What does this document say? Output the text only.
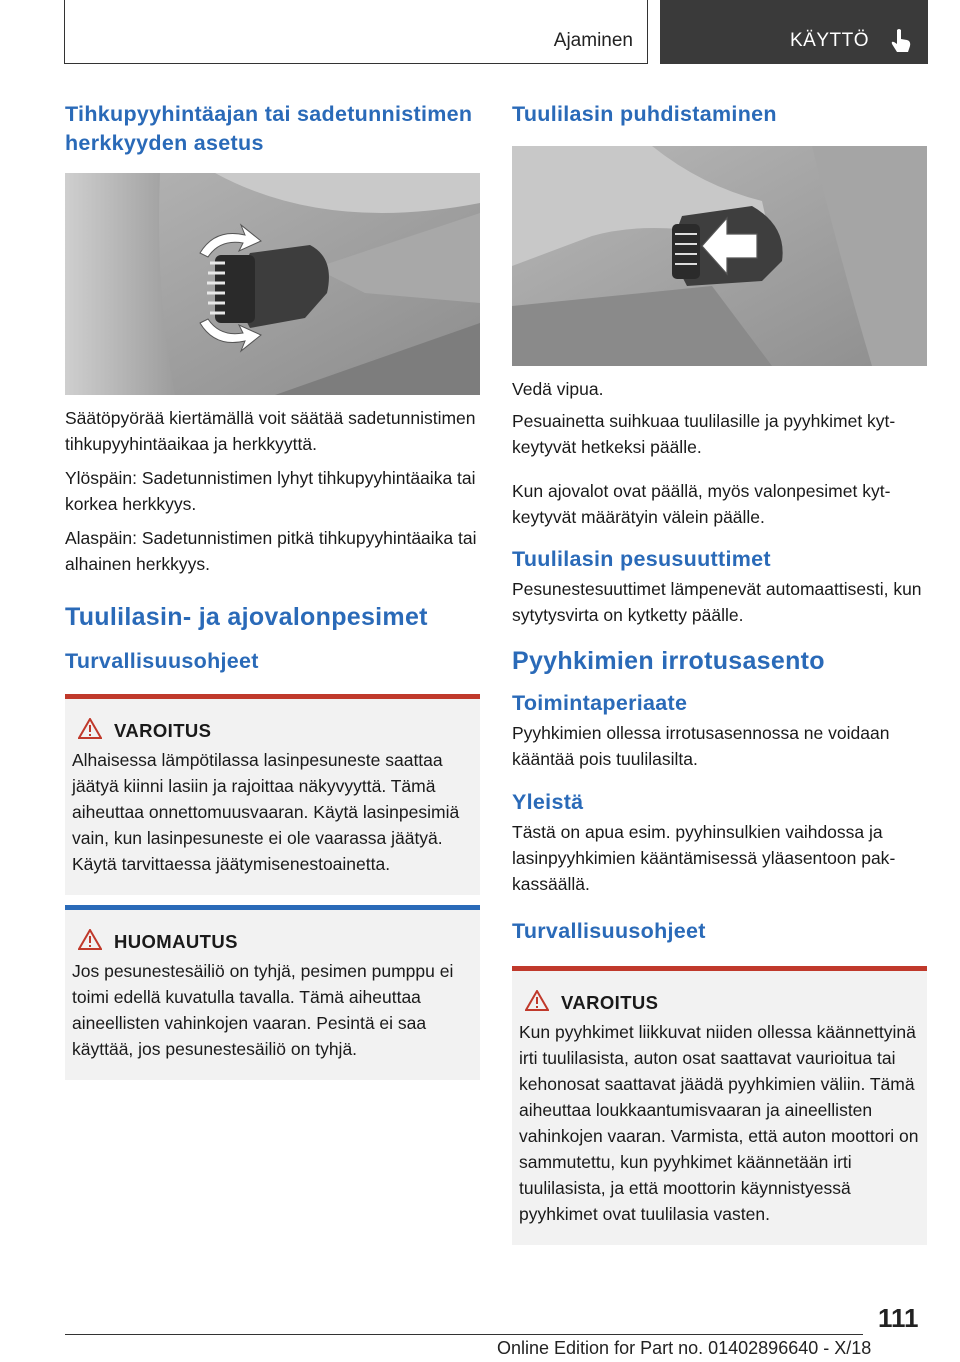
Ajaminen	KÄYTTÖ
Tihkupyyhintäajan tai sadetunnistimen herkkyyden asetus

Säätöpyörää kiertämällä voit säätää sadetunnistimen tihkupyyhintäaikaa ja herkkyyttä.

Ylöspäin: Sadetunnistimen lyhyt tihkupyyhintäaika tai korkea herkkyys.

Alaspäin: Sadetunnistimen pitkä tihkupyyhintäaika tai alhainen herkkyys.

Tuulilasin- ja ajovalonpesimet
Turvallisuusohjeet
VAROITUS
Alhaisessa lämpötilassa lasinpesuneste saattaa jäätyä kiinni lasiin ja rajoittaa näkyvyyttä. Tämä aiheuttaa onnettomuusvaaran. Käytä lasinpesimiä vain, kun lasinpesuneste ei ole vaarassa jäätyä. Käytä tarvittaessa jäätymisenestoainetta.
HUOMAUTUS
Jos pesunestesäiliö on tyhjä, pesimen pumppu ei toimi edellä kuvatulla tavalla. Tämä aiheuttaa aineellisten vahinkojen vaaran. Pesintä ei saa käyttää, jos pesunestesäiliö on tyhjä.
Tuulilasin puhdistaminen

Vedä vipua.

Pesuainetta suihkuaa tuulilasille ja pyyhkimet kytkeytyvät hetkeksi päälle.

Kun ajovalot ovat päällä, myös valonpesimet kytkeytyvät määrätyin välein päälle.

Tuulilasin pesusuuttimet

Pesunestesuuttimet lämpenevät automaattisesti, kun sytytysvirta on kytketty päälle.

Pyyhkimien irrotusasento
Toimintaperiaate

Pyyhkimien ollessa irrotusasennossa ne voidaan kääntää pois tuulilasilta.

Yleistä

Tästä on apua esim. pyyhinsulkien vaihdossa ja lasinpyyhkimien kääntämisessä yläasentoon pakkassäällä.

Turvallisuusohjeet
VAROITUS
Kun pyyhkimet liikkuvat niiden ollessa käännettyinä irti tuulilasista, auton osat saattavat vaurioitua tai kehonosat saattavat jäädä pyyhkimien väliin. Tämä aiheuttaa loukkaantumisvaaran ja aineellisten vahinkojen vaaran. Varmista, että auton moottori on sammutettu, kun pyyhkimet käännetään irti tuulilasista, ja että moottorin käynnistyessä pyyhkimet ovat tuulilasia vasten.
111
Online Edition for Part no. 01402896640 - X/18
